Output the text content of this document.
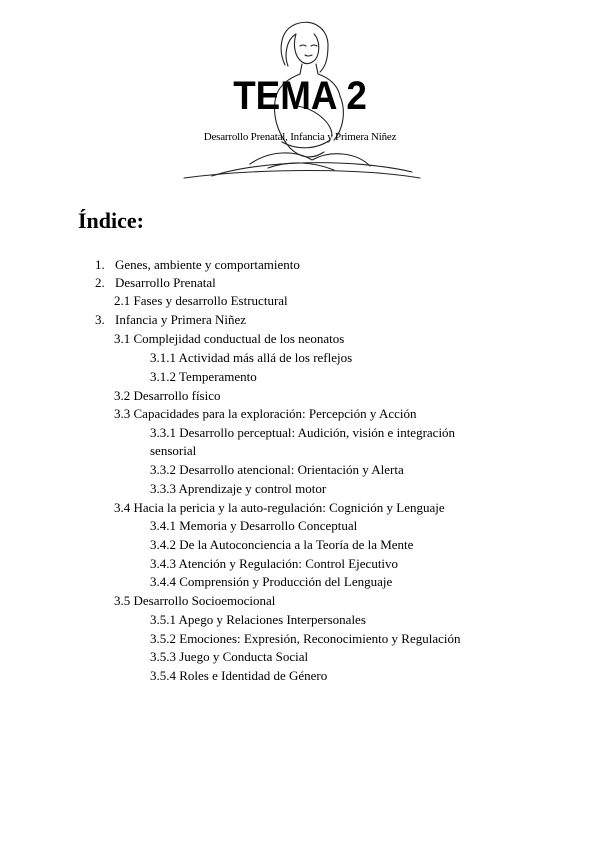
TEMA 2
Desarrollo Prenatal, Infancia y Primera Niñez
Índice:
1. Genes, ambiente y comportamiento
2. Desarrollo Prenatal
2.1 Fases y desarrollo Estructural
3. Infancia y Primera Niñez
3.1 Complejidad conductual de los neonatos
3.1.1 Actividad más allá de los reflejos
3.1.2 Temperamento
3.2 Desarrollo físico
3.3 Capacidades para la exploración: Percepción y Acción
3.3.1 Desarrollo perceptual: Audición, visión e integración
sensorial
3.3.2 Desarrollo atencional: Orientación y Alerta
3.3.3 Aprendizaje y control motor
3.4 Hacia la pericia y la auto-regulación: Cognición y Lenguaje
3.4.1 Memoria y Desarrollo Conceptual
3.4.2 De la Autoconciencia a la Teoría de la Mente
3.4.3 Atención y Regulación: Control Ejecutivo
3.4.4 Comprensión y Producción del Lenguaje
3.5 Desarrollo Socioemocional
3.5.1 Apego y Relaciones Interpersonales
3.5.2 Emociones: Expresión, Reconocimiento y Regulación
3.5.3 Juego y Conducta Social
3.5.4 Roles e Identidad de Género
